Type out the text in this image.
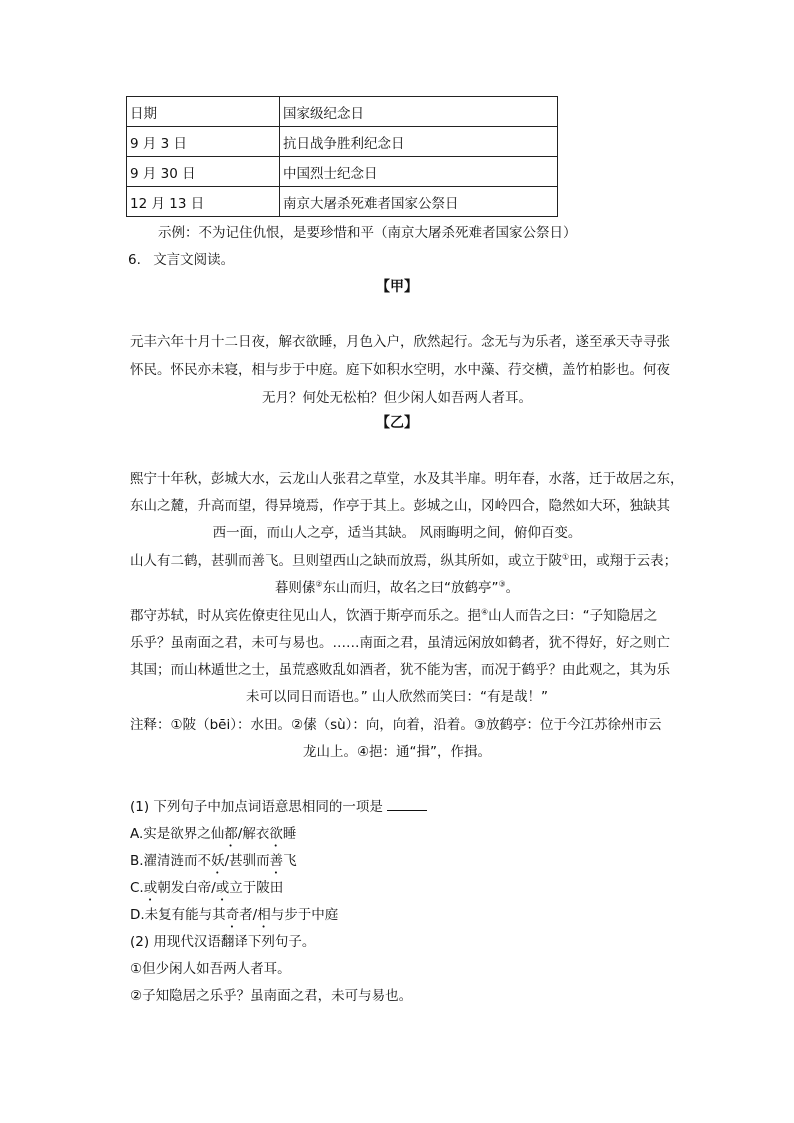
日期	国家级纪念日
9 月 3 日	抗日战争胜利纪念日
9 月 30 日	中国烈士纪念日
12 月 13 日	南京大屠杀死难者国家公祭日
示例：不为记住仇恨，是要珍惜和平（南京大屠杀死难者国家公祭日）
6. 文言文阅读。
【甲】
元丰六年十月十二日夜，解衣欲睡，月色入户，欣然起行。念无与为乐者，遂至承天寺寻张
怀民。怀民亦未寝，相与步于中庭。庭下如积水空明，水中藻、荇交横，盖竹柏影也。何夜
无月？何处无松柏？但少闲人如吾两人者耳。
【乙】
熙宁十年秋，彭城大水，云龙山人张君之草堂，水及其半扉。明年春，水落，迁于故居之东，
东山之麓，升高而望，得异境焉，作亭于其上。彭城之山，冈岭四合，隐然如大环，独缺其
西一面，而山人之亭，适当其缺。 风雨晦明之间，俯仰百变。
山人有二鹤，甚驯而善飞。旦则望西山之缺而放焉，纵其所如，或立于陂①田，或翔于云表；
暮则傃②东山而归，故名之曰“放鹤亭”③。
郡守苏轼，时从宾佐僚吏往见山人，饮酒于斯亭而乐之。挹④山人而告之曰：“子知隐居之
乐乎？虽南面之君，未可与易也。……南面之君，虽清远闲放如鹤者，犹不得好，好之则亡
其国；而山林遁世之士，虽荒惑败乱如酒者，犹不能为害，而况于鹤乎？由此观之，其为乐
未可以同日而语也。” 山人欣然而笑曰：“有是哉！”
注释：①陂（bēi）：水田。②傃（sù）：向，向着，沿着。③放鹤亭：位于今江苏徐州市云
龙山上。④挹：通“揖”，作揖。
(1) 下列句子中加点词语意思相同的一项是
A.实是欲界之仙都/解衣欲睡
B.濯清涟而不妖/甚驯而善飞
C.或朝发白帝/或立于陂田
D.未复有能与其奇者/相与步于中庭
(2) 用现代汉语翻译下列句子。
①但少闲人如吾两人者耳。
②子知隐居之乐乎？虽南面之君，未可与易也。
